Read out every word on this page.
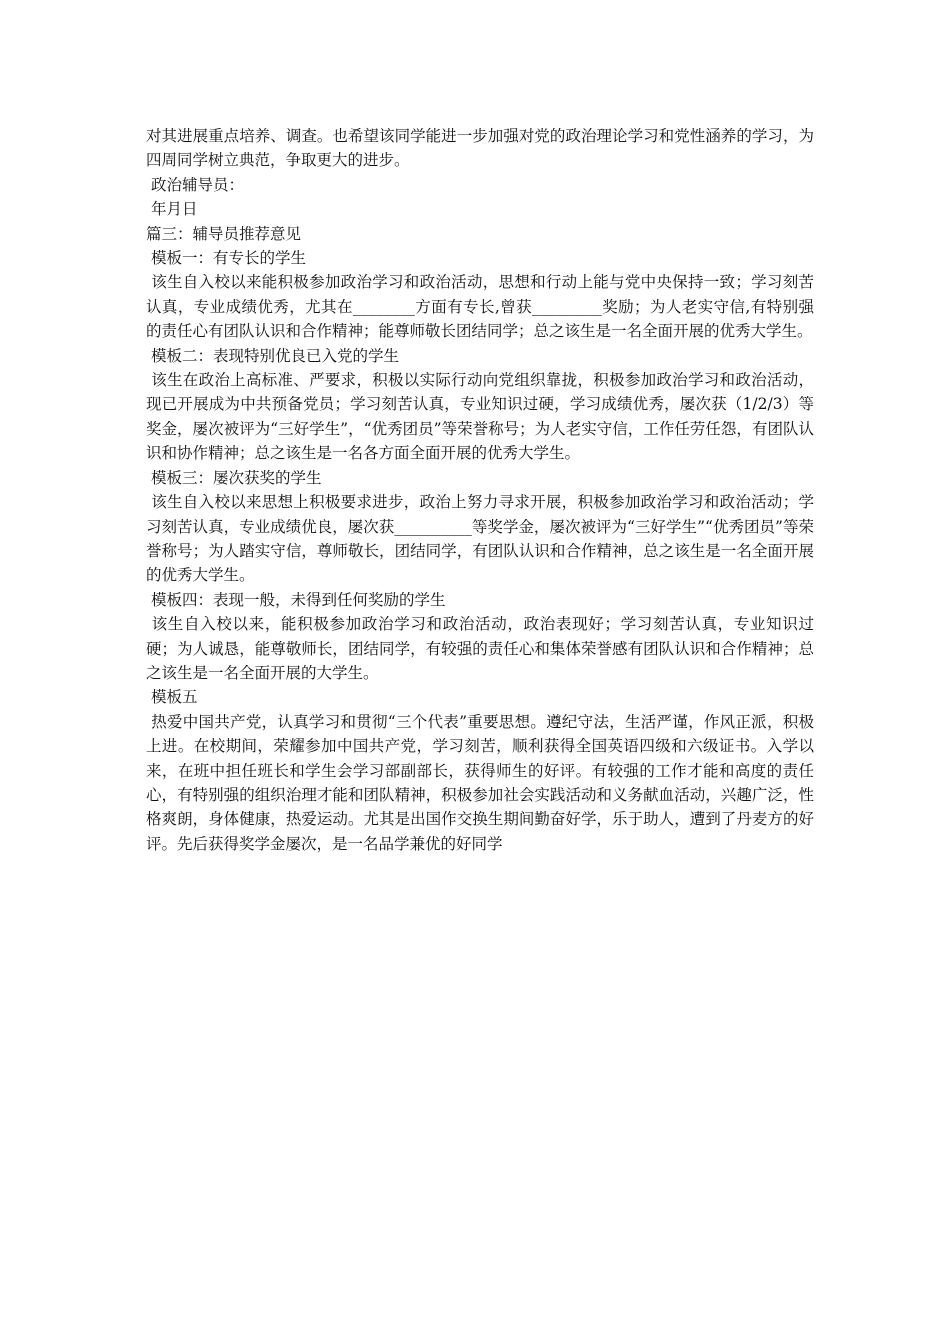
对其进展重点培养、调查。也希望该同学能进一步加强对党的政治理论学习和党性涵养的学习，为四周同学树立典范，争取更大的进步。
政治辅导员：
年月日
篇三：辅导员推荐意见
模板一：有专长的学生
该生自入校以来能积极参加政治学习和政治活动，思想和行动上能与党中央保持一致；学习刻苦认真，专业成绩优秀，尤其在________方面有专长,曾获_________奖励；为人老实守信,有特别强的责任心有团队认识和合作精神；能尊师敬长团结同学；总之该生是一名全面开展的优秀大学生。
模板二：表现特别优良已入党的学生
该生在政治上高标准、严要求，积极以实际行动向党组织靠拢，积极参加政治学习和政治活动，现已开展成为中共预备党员；学习刻苦认真，专业知识过硬，学习成绩优秀，屡次获（1/2/3）等奖金，屡次被评为“三好学生”，“优秀团员”等荣誉称号；为人老实守信，工作任劳任怨，有团队认识和协作精神；总之该生是一名各方面全面开展的优秀大学生。
模板三：屡次获奖的学生
该生自入校以来思想上积极要求进步，政治上努力寻求开展，积极参加政治学习和政治活动；学习刻苦认真，专业成绩优良，屡次获__________等奖学金，屡次被评为“三好学生”“优秀团员”等荣誉称号；为人踏实守信，尊师敬长，团结同学，有团队认识和合作精神，总之该生是一名全面开展的优秀大学生。
模板四：表现一般，未得到任何奖励的学生
该生自入校以来，能积极参加政治学习和政治活动，政治表现好；学习刻苦认真，专业知识过硬；为人诚恳，能尊敬师长，团结同学，有较强的责任心和集体荣誉感有团队认识和合作精神；总之该生是一名全面开展的大学生。
模板五
热爱中国共产党，认真学习和贯彻“三个代表”重要思想。遵纪守法，生活严谨，作风正派，积极上进。在校期间，荣耀参加中国共产党，学习刻苦，顺利获得全国英语四级和六级证书。入学以来，在班中担任班长和学生会学习部副部长，获得师生的好评。有较强的工作才能和高度的责任心，有特别强的组织治理才能和团队精神，积极参加社会实践活动和义务献血活动，兴趣广泛，性格爽朗，身体健康，热爱运动。尤其是出国作交换生期间勤奋好学，乐于助人，遭到了丹麦方的好评。先后获得奖学金屡次，是一名品学兼优的好同学
